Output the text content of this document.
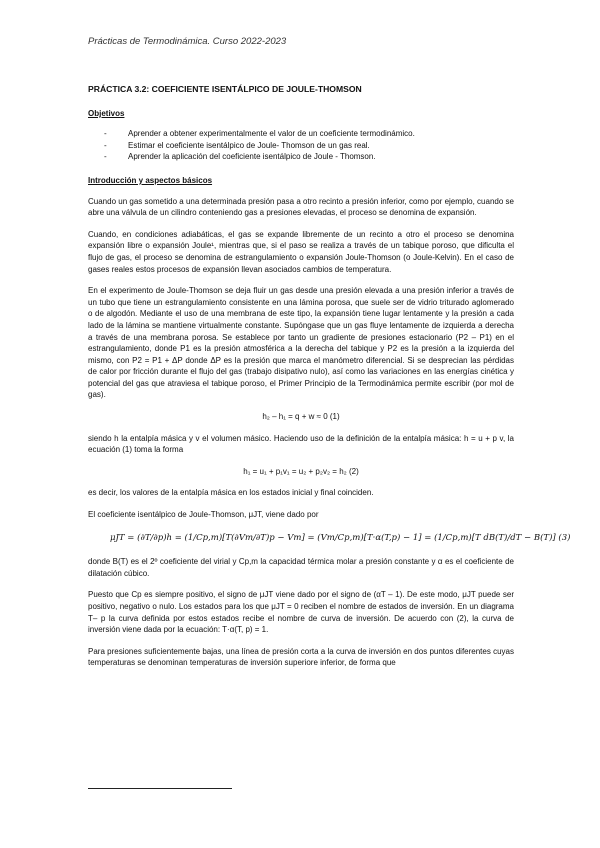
Prácticas de Termodinámica. Curso 2022-2023
PRÁCTICA 3.2: COEFICIENTE ISENTÁLPICO DE JOULE-THOMSON
Objetivos
- Aprender a obtener experimentalmente el valor de un coeficiente termodinámico.
- Estimar el coeficiente isentálpico de Joule- Thomson de un gas real.
- Aprender la aplicación del coeficiente isentálpico de Joule - Thomson.
Introducción y aspectos básicos

Cuando un gas sometido a una determinada presión pasa a otro recinto a presión inferior, como por ejemplo, cuando se abre una válvula de un cilindro conteniendo gas a presiones elevadas, el proceso se denomina de expansión.

Cuando, en condiciones adiabáticas, el gas se expande libremente de un recinto a otro el proceso se denomina expansión libre o expansión Joule¹, mientras que, si el paso se realiza a través de un tabique poroso, que dificulta el flujo de gas, el proceso se denomina de estrangulamiento o expansión Joule-Thomson (o Joule-Kelvin). En el caso de gases reales estos procesos de expansión llevan asociados cambios de temperatura.

En el experimento de Joule-Thomson se deja fluir un gas desde una presión elevada a una presión inferior a través de un tubo que tiene un estrangulamiento consistente en una lámina porosa, que suele ser de vidrio triturado aglomerado o de algodón. Mediante el uso de una membrana de este tipo, la expansión tiene lugar lentamente y la presión a cada lado de la lámina se mantiene virtualmente constante. Supóngase que un gas fluye lentamente de izquierda a derecha a través de una membrana porosa. Se establece por tanto un gradiente de presiones estacionario (P2 – P1) en el estrangulamiento, donde P1 es la presión atmosférica a la derecha del tabique y P2 es la presión a la izquierda del mismo, con P2 = P1 + ΔP donde ΔP es la presión que marca el manómetro diferencial. Si se desprecian las pérdidas de calor por fricción durante el flujo del gas (trabajo disipativo nulo), así como las variaciones en las energías cinética y potencial del gas que atraviesa el tabique poroso, el Primer Principio de la Termodinámica permite escribir (por mol de gas).

h₂ – h₁ = q + w ≈ 0 (1)

siendo h la entalpía másica y v el volumen másico. Haciendo uso de la definición de la entalpía másica: h = u + p v, la ecuación (1) toma la forma

h₁ = u₁ + p₁v₁ = u₂ + p₂v₂ = h₂ (2)

es decir, los valores de la entalpía másica en los estados inicial y final coinciden.

El coeficiente isentálpico de Joule-Thomson, μJT, viene dado por

μJT = (∂T/∂p)h = (1/Cp,m)[T(∂Vm/∂T)p − Vm] = (Vm/Cp,m)[T·α(T,p) − 1] = (1/Cp,m)[T dB(T)/dT − B(T)] (3)

donde B(T) es el 2º coeficiente del virial y Cp,m la capacidad térmica molar a presión constante y α es el coeficiente de dilatación cúbico.

Puesto que Cp es siempre positivo, el signo de μJT viene dado por el signo de (αT – 1). De este modo, μJT puede ser positivo, negativo o nulo. Los estados para los que μJT = 0 reciben el nombre de estados de inversión. En un diagrama T– p la curva definida por estos estados recibe el nombre de curva de inversión. De acuerdo con (2), la curva de inversión viene dada por la ecuación: T·α(T, p) = 1.

Para presiones suficientemente bajas, una línea de presión corta a la curva de inversión en dos puntos diferentes cuyas temperaturas se denominan temperaturas de inversión superiore inferior, de forma que
